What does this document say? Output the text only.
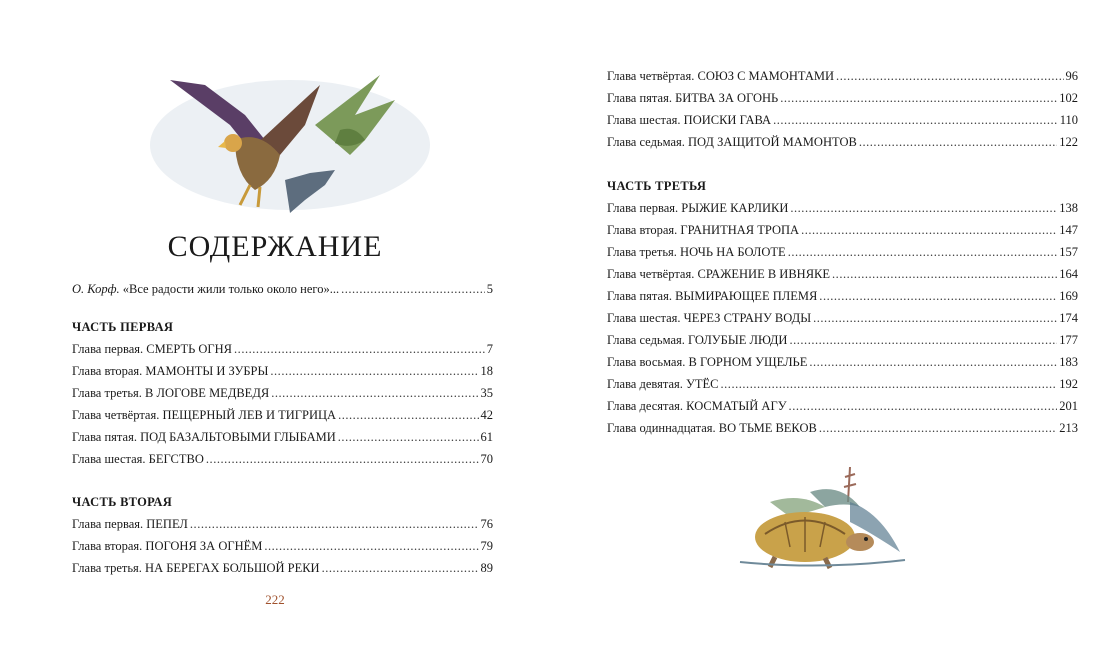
СОДЕРЖАНИЕ
О. Корф. «Все радости жили только около него»... . . .	5
ЧАСТЬ ПЕРВАЯ
Глава первая. СМЕРТЬ ОГНЯ . . .	7
Глава вторая. МАМОНТЫ И ЗУБРЫ . . .	18
Глава третья. В ЛОГОВЕ МЕДВЕДЯ . . .	35
Глава четвёртая. ПЕЩЕРНЫЙ ЛЕВ И ТИГРИЦА . . .	42
Глава пятая. ПОД БАЗАЛЬТОВЫМИ ГЛЫБАМИ . . .	61
Глава шестая. БЕГСТВО . . .	70
ЧАСТЬ ВТОРАЯ
Глава первая. ПЕПЕЛ . . .	76
Глава вторая. ПОГОНЯ ЗА ОГНЁМ . . .	79
Глава третья. НА БЕРЕГАХ БОЛЬШОЙ РЕКИ . . .	89
222
Глава четвёртая. СОЮЗ С МАМОНТАМИ . . .	96
Глава пятая. БИТВА ЗА ОГОНЬ . . .	102
Глава шестая. ПОИСКИ ГАВА . . .	110
Глава седьмая. ПОД ЗАЩИТОЙ МАМОНТОВ . . .	122
ЧАСТЬ ТРЕТЬЯ
Глава первая. РЫЖИЕ КАРЛИКИ . . .	138
Глава вторая. ГРАНИТНАЯ ТРОПА . . .	147
Глава третья. НОЧЬ НА БОЛОТЕ . . .	157
Глава четвёртая. СРАЖЕНИЕ В ИВНЯКЕ . . .	164
Глава пятая. ВЫМИРАЮЩЕЕ ПЛЕМЯ . . .	169
Глава шестая. ЧЕРЕЗ СТРАНУ ВОДЫ . . .	174
Глава седьмая. ГОЛУБЫЕ ЛЮДИ . . .	177
Глава восьмая. В ГОРНОМ УЩЕЛЬЕ . . .	183
Глава девятая. УТЁС . . .	192
Глава десятая. КОСМАТЫЙ АГУ . . .	201
Глава одиннадцатая. ВО ТЬМЕ ВЕКОВ . . .	213
